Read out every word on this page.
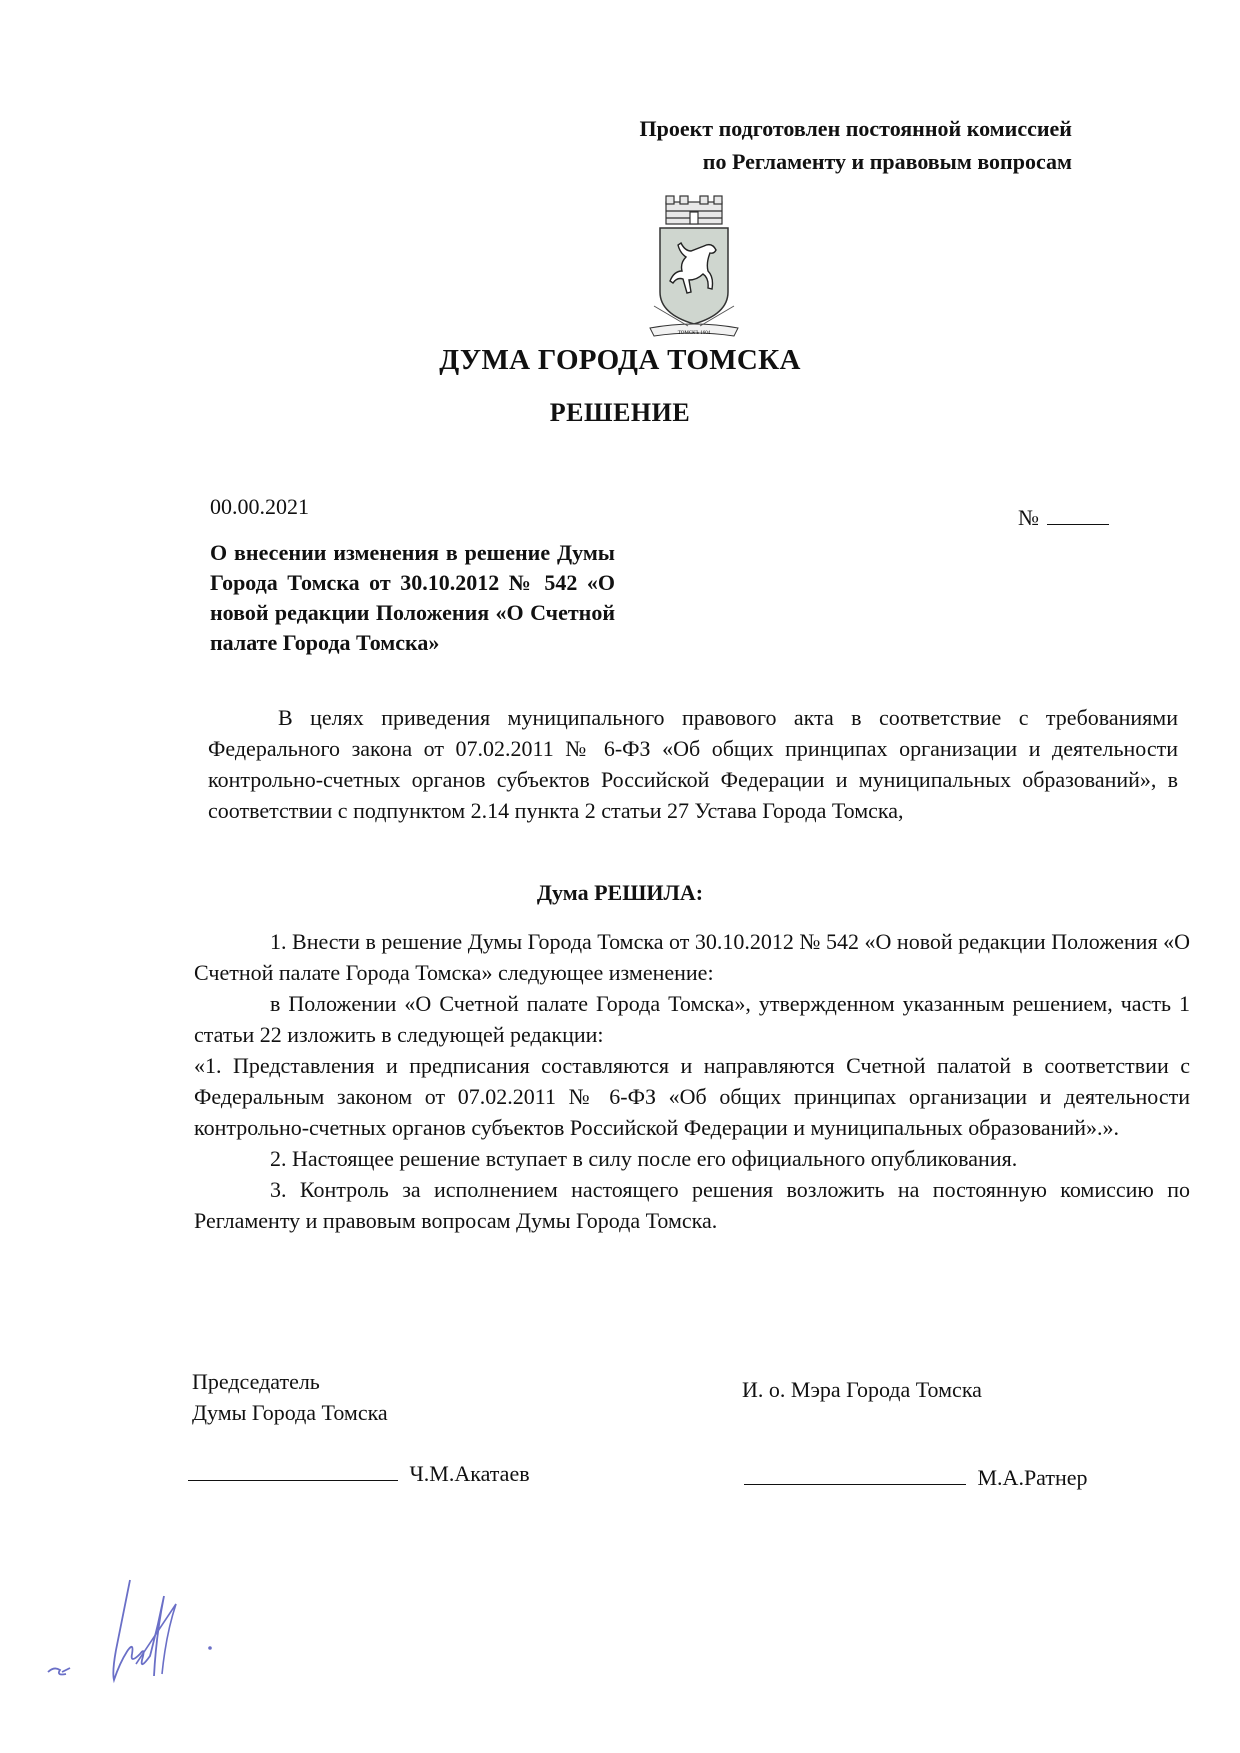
Проект подготовлен постоянной комиссией
по Регламенту и правовым вопросам
ТОМСКЪ 1604
ДУМА ГОРОДА ТОМСКА
РЕШЕНИЕ
00.00.2021	№
О внесении изменения в решение Думы Города Томска от 30.10.2012 № 542 «О новой редакции Положения «О Счетной палате Города Томска»
В целях приведения муниципального правового акта в соответствие с требованиями Федерального закона от 07.02.2011 № 6-ФЗ «Об общих принципах организации и деятельности контрольно-счетных органов субъектов Российской Федерации и муниципальных образований», в соответствии с подпунктом 2.14 пункта 2 статьи 27 Устава Города Томска,
Дума РЕШИЛА:

1. Внести в решение Думы Города Томска от 30.10.2012 № 542 «О новой редакции Положения «О Счетной палате Города Томска» следующее изменение:

в Положении «О Счетной палате Города Томска», утвержденном указанным решением, часть 1 статьи 22 изложить в следующей редакции:

«1. Представления и предписания составляются и направляются Счетной палатой в соответствии с Федеральным законом от 07.02.2011 № 6-ФЗ «Об общих принципах организации и деятельности контрольно-счетных органов субъектов Российской Федерации и муниципальных образований».».

2. Настоящее решение вступает в силу после его официального опубликования.

3. Контроль за исполнением настоящего решения возложить на постоянную комиссию по Регламенту и правовым вопросам Думы Города Томска.

Председатель
Думы Города Томска
И. о. Мэра Города Томска
Ч.М.Акатаев	М.А.Ратнер
